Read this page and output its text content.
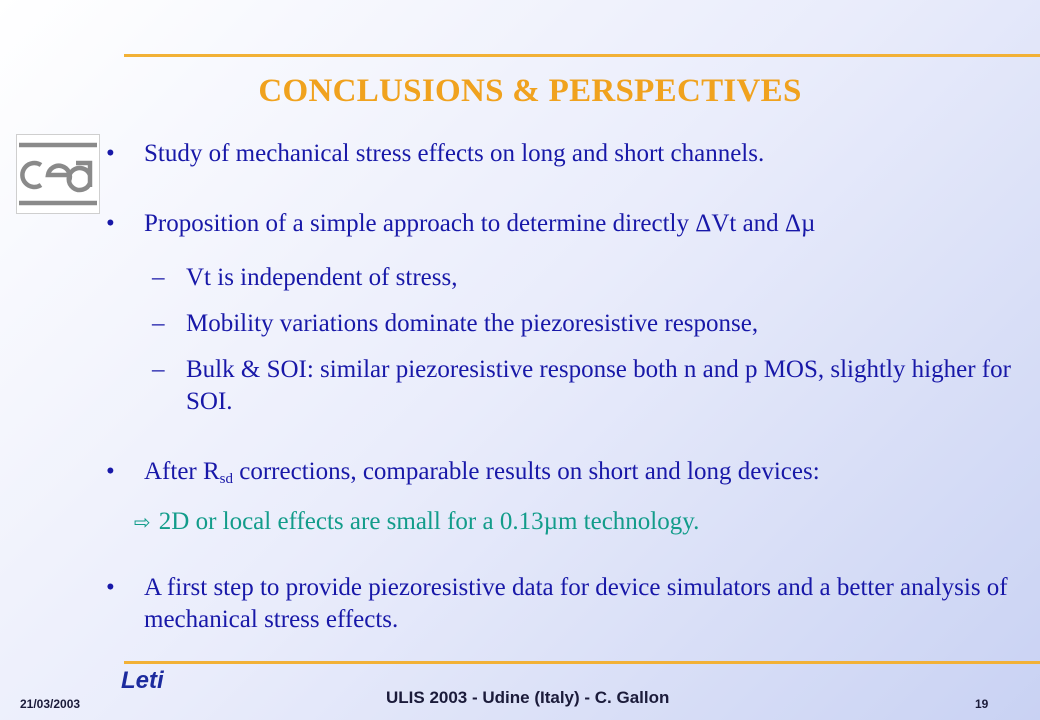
CONCLUSIONS & PERSPECTIVES
•	Study of mechanical stress effects on long and short channels.
•	Proposition of a simple approach to determine directly ΔVt and Δµ
– Vt is independent of stress,
– Mobility variations dominate the piezoresistive response,
– Bulk & SOI: similar piezoresistive response both n and p MOS, slightly higher for SOI.
•	After $R_{sd}$ corrections, comparable results on short and long devices:
⇨ 2D or local effects are small for a 0.13µm technology.
•	A first step to provide piezoresistive data for device simulators and a better analysis of mechanical stress effects.
Leti
21/03/2003	ULIS 2003 - Udine (Italy) - C. Gallon	19
